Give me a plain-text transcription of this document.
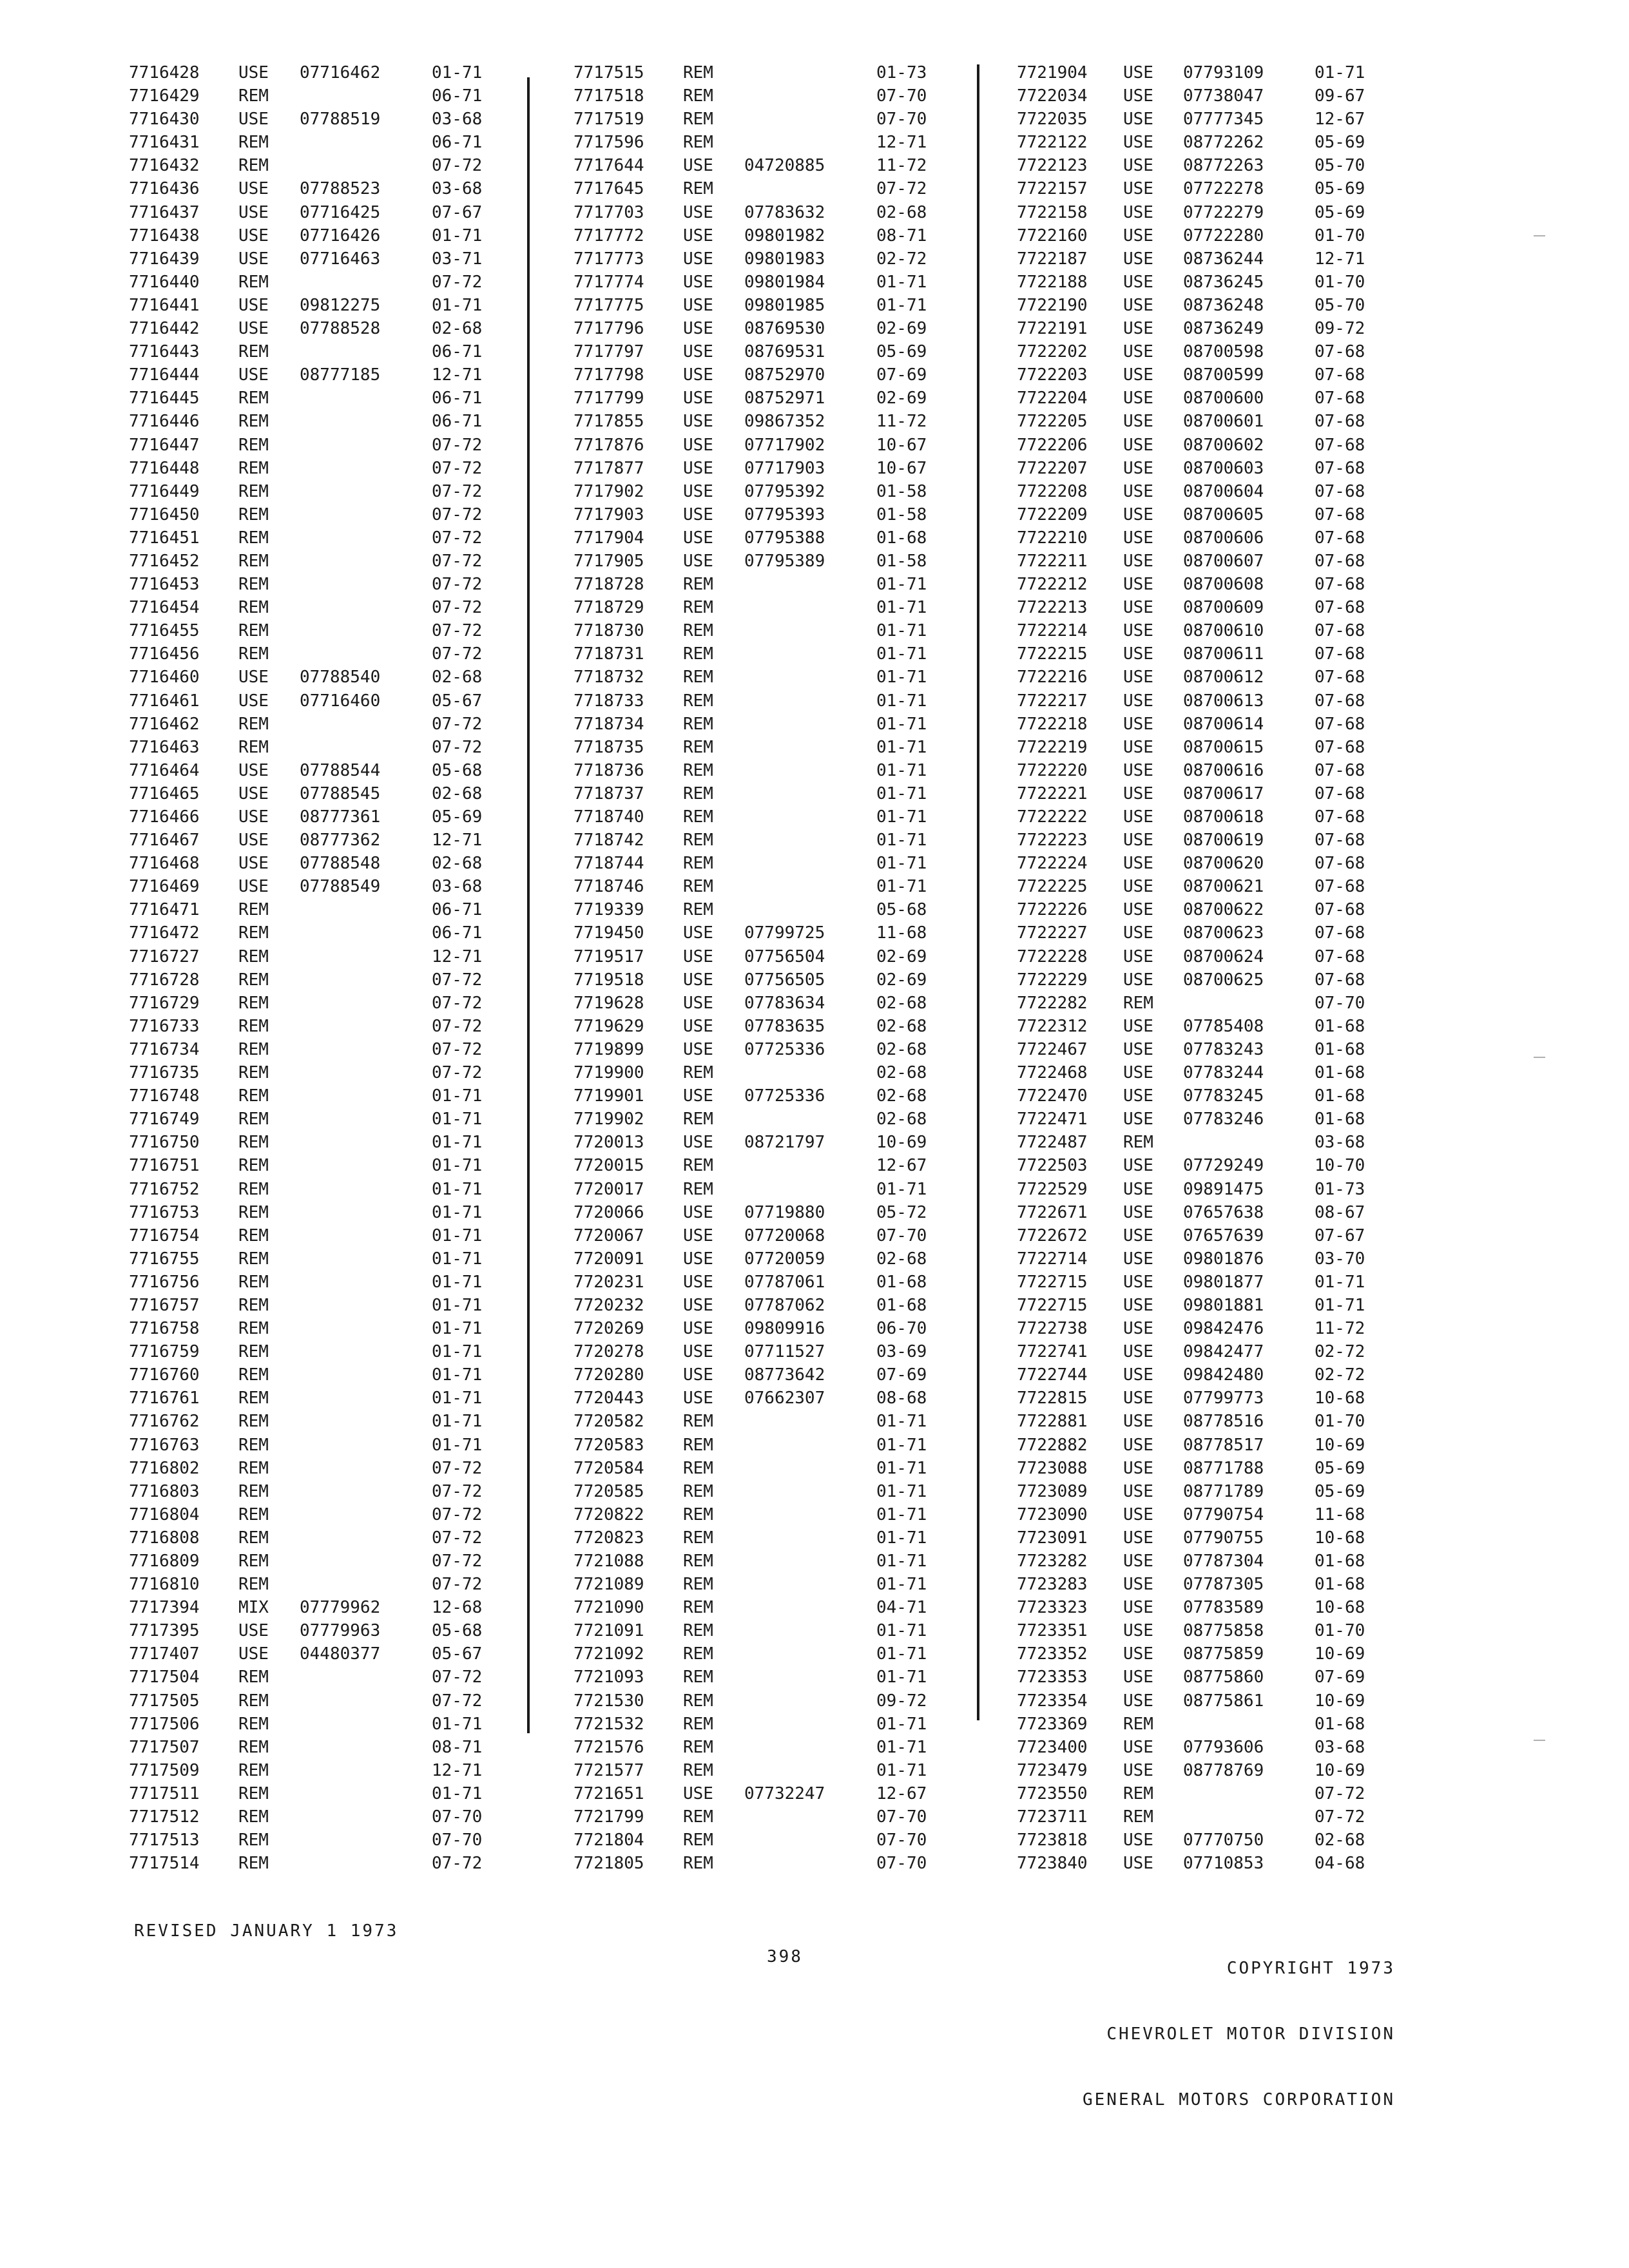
7716428 USE 07716462	01-71
7716429 REM	06-71
7716430 USE 07788519	03-68
7716431 REM	06-71
7716432 REM	07-72
7716436 USE 07788523	03-68
7716437 USE 07716425	07-67
7716438 USE 07716426	01-71
7716439 USE 07716463	03-71
7716440 REM	07-72
7716441 USE 09812275	01-71
7716442 USE 07788528	02-68
7716443 REM	06-71
7716444 USE 08777185	12-71
7716445 REM	06-71
7716446 REM	06-71
7716447 REM	07-72
7716448 REM	07-72
7716449 REM	07-72
7716450 REM	07-72
7716451 REM	07-72
7716452 REM	07-72
7716453 REM	07-72
7716454 REM	07-72
7716455 REM	07-72
7716456 REM	07-72
7716460 USE 07788540	02-68
7716461 USE 07716460	05-67
7716462 REM	07-72
7716463 REM	07-72
7716464 USE 07788544	05-68
7716465 USE 07788545	02-68
7716466 USE 08777361	05-69
7716467 USE 08777362	12-71
7716468 USE 07788548	02-68
7716469 USE 07788549	03-68
7716471 REM	06-71
7716472 REM	06-71
7716727 REM	12-71
7716728 REM	07-72
7716729 REM	07-72
7716733 REM	07-72
7716734 REM	07-72
7716735 REM	07-72
7716748 REM	01-71
7716749 REM	01-71
7716750 REM	01-71
7716751 REM	01-71
7716752 REM	01-71
7716753 REM	01-71
7716754 REM	01-71
7716755 REM	01-71
7716756 REM	01-71
7716757 REM	01-71
7716758 REM	01-71
7716759 REM	01-71
7716760 REM	01-71
7716761 REM	01-71
7716762 REM	01-71
7716763 REM	01-71
7716802 REM	07-72
7716803 REM	07-72
7716804 REM	07-72
7716808 REM	07-72
7716809 REM	07-72
7716810 REM	07-72
7717394 MIX 07779962	12-68
7717395 USE 07779963	05-68
7717407 USE 04480377	05-67
7717504 REM	07-72
7717505 REM	07-72
7717506 REM	01-71
7717507 REM	08-71
7717509 REM	12-71
7717511 REM	01-71
7717512 REM	07-70
7717513 REM	07-70
7717514 REM	07-72
7717515 REM	01-73
7717518 REM	07-70
7717519 REM	07-70
7717596 REM	12-71
7717644 USE 04720885	11-72
7717645 REM	07-72
7717703 USE 07783632	02-68
7717772 USE 09801982	08-71
7717773 USE 09801983	02-72
7717774 USE 09801984	01-71
7717775 USE 09801985	01-71
7717796 USE 08769530	02-69
7717797 USE 08769531	05-69
7717798 USE 08752970	07-69
7717799 USE 08752971	02-69
7717855 USE 09867352	11-72
7717876 USE 07717902	10-67
7717877 USE 07717903	10-67
7717902 USE 07795392	01-58
7717903 USE 07795393	01-58
7717904 USE 07795388	01-68
7717905 USE 07795389	01-58
7718728 REM	01-71
7718729 REM	01-71
7718730 REM	01-71
7718731 REM	01-71
7718732 REM	01-71
7718733 REM	01-71
7718734 REM	01-71
7718735 REM	01-71
7718736 REM	01-71
7718737 REM	01-71
7718740 REM	01-71
7718742 REM	01-71
7718744 REM	01-71
7718746 REM	01-71
7719339 REM	05-68
7719450 USE 07799725	11-68
7719517 USE 07756504	02-69
7719518 USE 07756505	02-69
7719628 USE 07783634	02-68
7719629 USE 07783635	02-68
7719899 USE 07725336	02-68
7719900 REM	02-68
7719901 USE 07725336	02-68
7719902 REM	02-68
7720013 USE 08721797	10-69
7720015 REM	12-67
7720017 REM	01-71
7720066 USE 07719880	05-72
7720067 USE 07720068	07-70
7720091 USE 07720059	02-68
7720231 USE 07787061	01-68
7720232 USE 07787062	01-68
7720269 USE 09809916	06-70
7720278 USE 07711527	03-69
7720280 USE 08773642	07-69
7720443 USE 07662307	08-68
7720582 REM	01-71
7720583 REM	01-71
7720584 REM	01-71
7720585 REM	01-71
7720822 REM	01-71
7720823 REM	01-71
7721088 REM	01-71
7721089 REM	01-71
7721090 REM	04-71
7721091 REM	01-71
7721092 REM	01-71
7721093 REM	01-71
7721530 REM	09-72
7721532 REM	01-71
7721576 REM	01-71
7721577 REM	01-71
7721651 USE 07732247	12-67
7721799 REM	07-70
7721804 REM	07-70
7721805 REM	07-70
7721904 USE 07793109	01-71
7722034 USE 07738047	09-67
7722035 USE 07777345	12-67
7722122 USE 08772262	05-69
7722123 USE 08772263	05-70
7722157 USE 07722278	05-69
7722158 USE 07722279	05-69
7722160 USE 07722280	01-70
7722187 USE 08736244	12-71
7722188 USE 08736245	01-70
7722190 USE 08736248	05-70
7722191 USE 08736249	09-72
7722202 USE 08700598	07-68
7722203 USE 08700599	07-68
7722204 USE 08700600	07-68
7722205 USE 08700601	07-68
7722206 USE 08700602	07-68
7722207 USE 08700603	07-68
7722208 USE 08700604	07-68
7722209 USE 08700605	07-68
7722210 USE 08700606	07-68
7722211 USE 08700607	07-68
7722212 USE 08700608	07-68
7722213 USE 08700609	07-68
7722214 USE 08700610	07-68
7722215 USE 08700611	07-68
7722216 USE 08700612	07-68
7722217 USE 08700613	07-68
7722218 USE 08700614	07-68
7722219 USE 08700615	07-68
7722220 USE 08700616	07-68
7722221 USE 08700617	07-68
7722222 USE 08700618	07-68
7722223 USE 08700619	07-68
7722224 USE 08700620	07-68
7722225 USE 08700621	07-68
7722226 USE 08700622	07-68
7722227 USE 08700623	07-68
7722228 USE 08700624	07-68
7722229 USE 08700625	07-68
7722282 REM	07-70
7722312 USE 07785408	01-68
7722467 USE 07783243	01-68
7722468 USE 07783244	01-68
7722470 USE 07783245	01-68
7722471 USE 07783246	01-68
7722487 REM	03-68
7722503 USE 07729249	10-70
7722529 USE 09891475	01-73
7722671 USE 07657638	08-67
7722672 USE 07657639	07-67
7722714 USE 09801876	03-70
7722715 USE 09801877	01-71
7722715 USE 09801881	01-71
7722738 USE 09842476	11-72
7722741 USE 09842477	02-72
7722744 USE 09842480	02-72
7722815 USE 07799773	10-68
7722881 USE 08778516	01-70
7722882 USE 08778517	10-69
7723088 USE 08771788	05-69
7723089 USE 08771789	05-69
7723090 USE 07790754	11-68
7723091 USE 07790755	10-68
7723282 USE 07787304	01-68
7723283 USE 07787305	01-68
7723323 USE 07783589	10-68
7723351 USE 08775858	01-70
7723352 USE 08775859	10-69
7723353 USE 08775860	07-69
7723354 USE 08775861	10-69
7723369 REM	01-68
7723400 USE 07793606	03-68
7723479 USE 08778769	10-69
7723550 REM	07-72
7723711 REM	07-72
7723818 USE 07770750	02-68
7723840 USE 07710853	04-68
REVISED JANUARY 1 1973
398

COPYRIGHT 1973

CHEVROLET MOTOR DIVISION

GENERAL MOTORS CORPORATION
